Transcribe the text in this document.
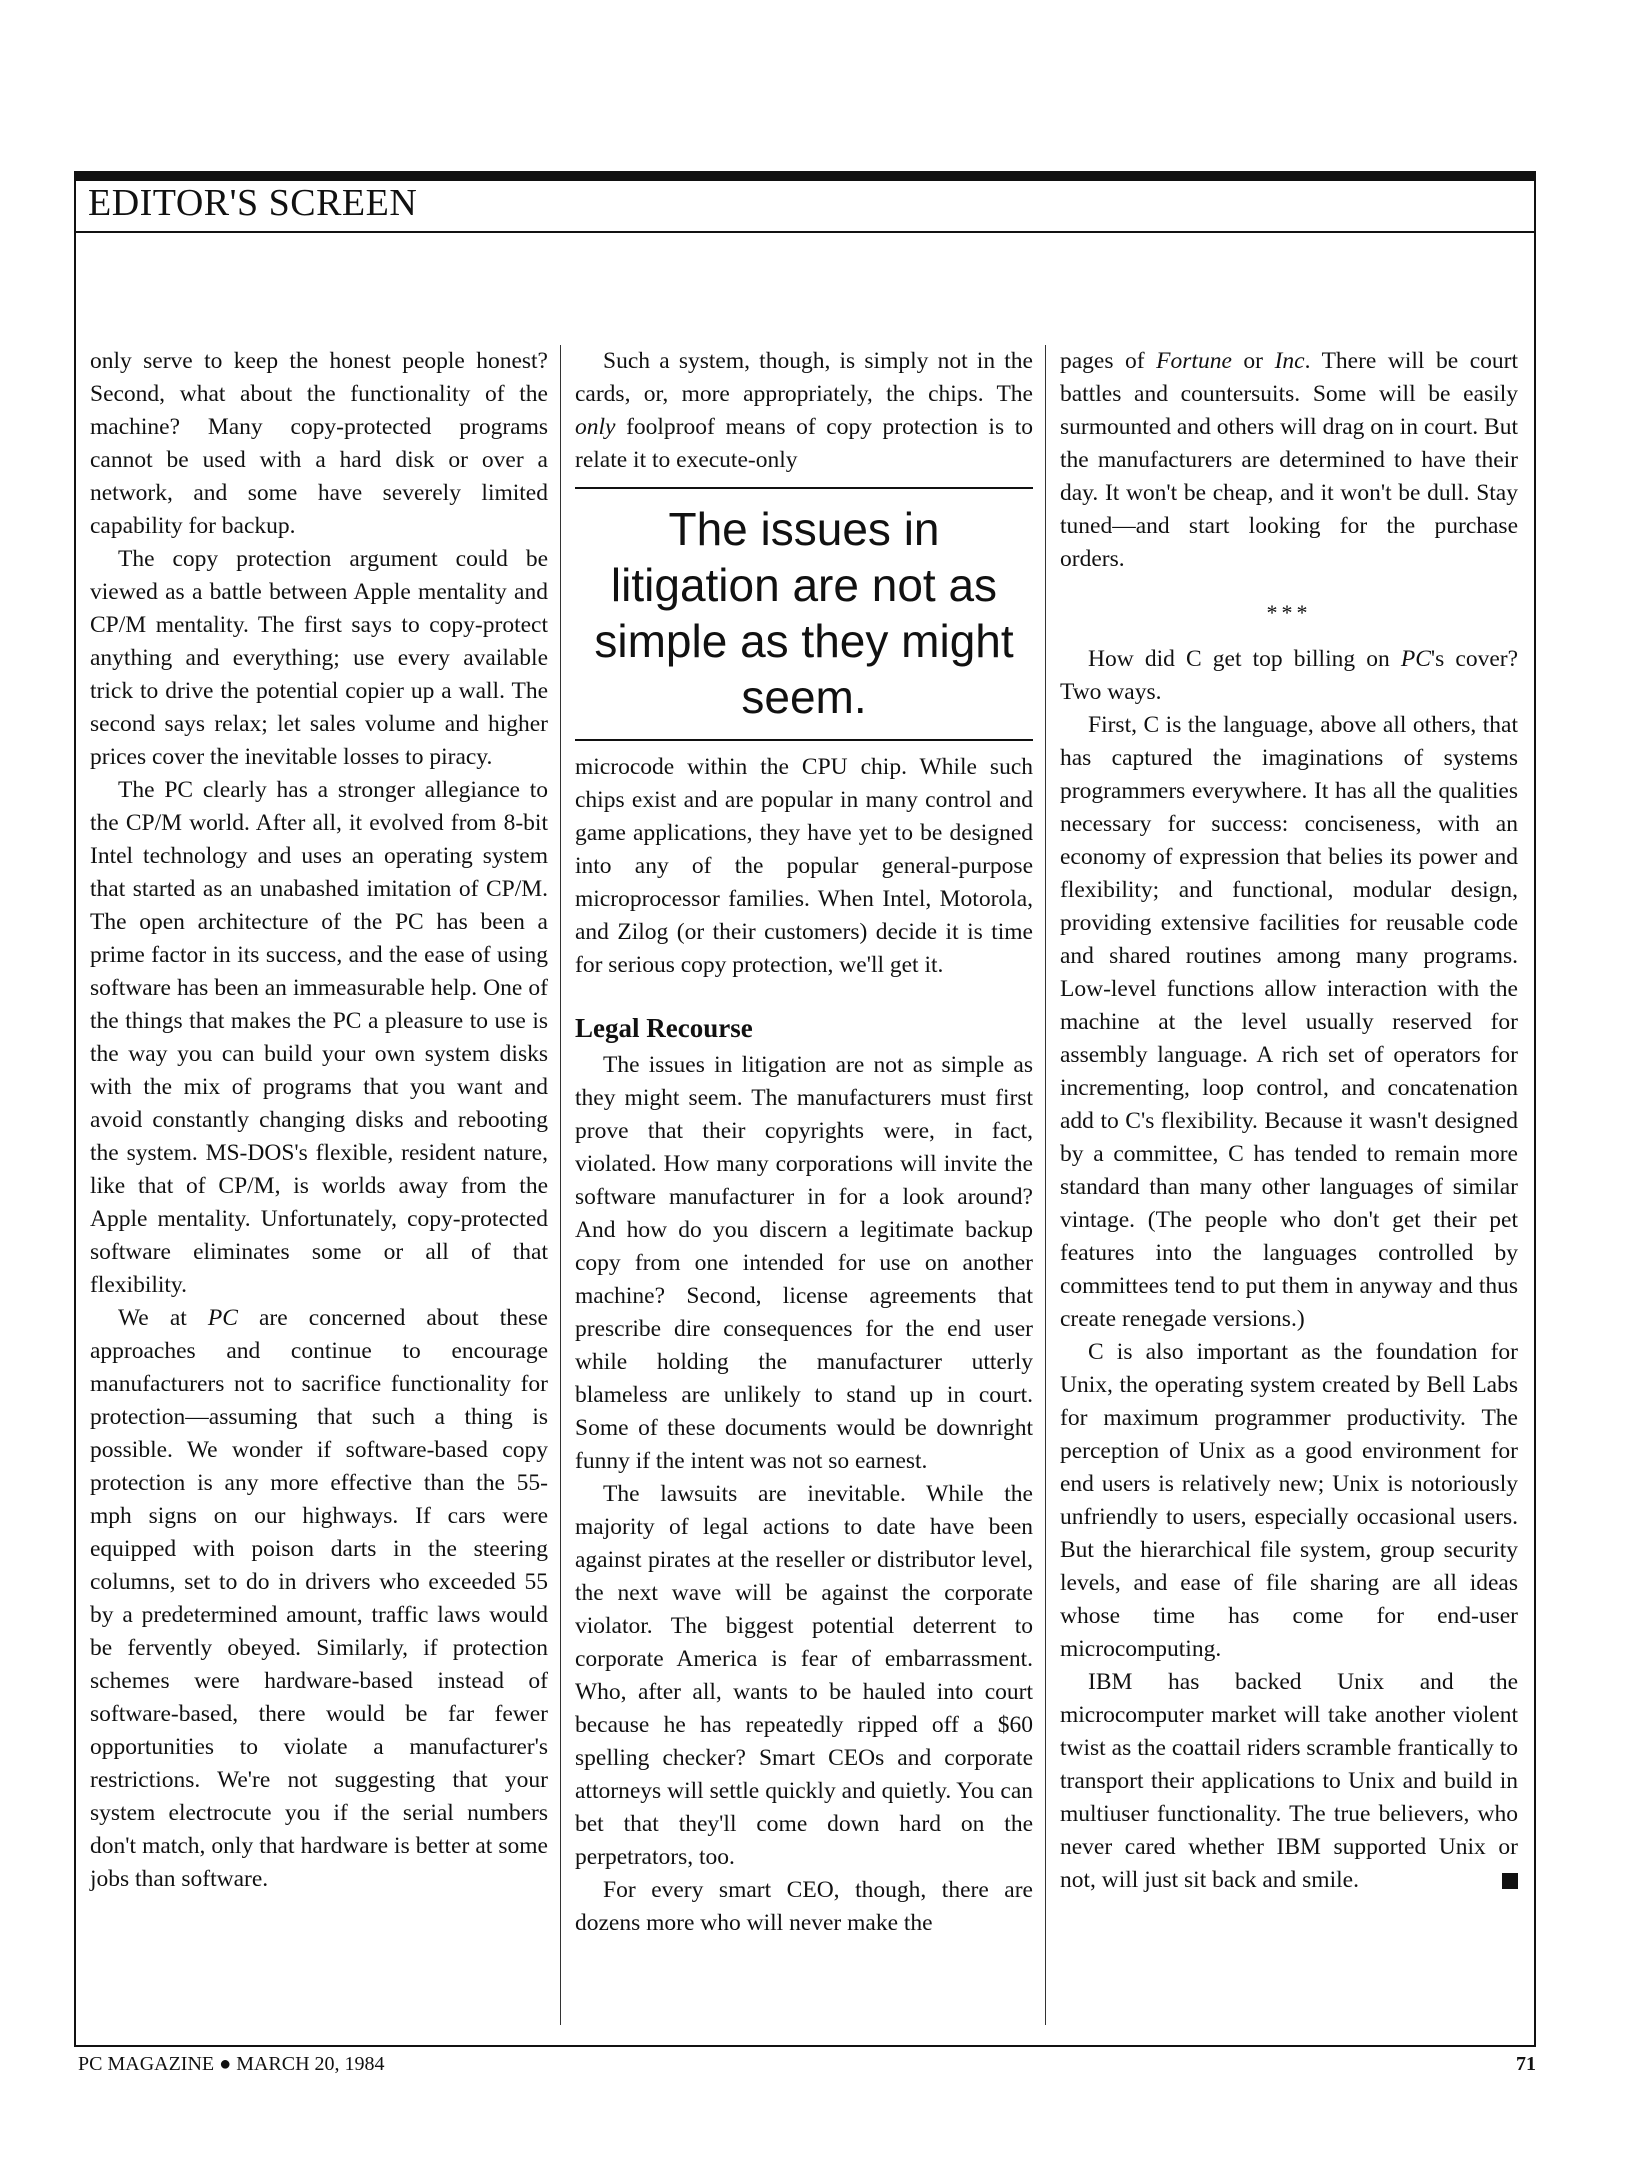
EDITOR'S SCREEN

only serve to keep the honest people honest? Second, what about the functionality of the machine? Many copy-protected programs cannot be used with a hard disk or over a network, and some have severely limited capability for backup.

The copy protection argument could be viewed as a battle between Apple mentality and CP/M mentality. The first says to copy-protect anything and everything; use every available trick to drive the potential copier up a wall. The second says relax; let sales volume and higher prices cover the inevitable losses to piracy.

The PC clearly has a stronger allegiance to the CP/M world. After all, it evolved from 8-bit Intel technology and uses an operating system that started as an unabashed imitation of CP/M. The open architecture of the PC has been a prime factor in its success, and the ease of using software has been an immeasurable help. One of the things that makes the PC a pleasure to use is the way you can build your own system disks with the mix of programs that you want and avoid constantly changing disks and rebooting the system. MS-DOS's flexible, resident nature, like that of CP/M, is worlds away from the Apple mentality. Unfortunately, copy-protected software eliminates some or all of that flexibility.

We at PC are concerned about these approaches and continue to encourage manufacturers not to sacrifice functionality for protection—assuming that such a thing is possible. We wonder if software-based copy protection is any more effective than the 55-mph signs on our highways. If cars were equipped with poison darts in the steering columns, set to do in drivers who exceeded 55 by a predetermined amount, traffic laws would be fervently obeyed. Similarly, if protection schemes were hardware-based instead of software-based, there would be far fewer opportunities to violate a manufacturer's restrictions. We're not suggesting that your system electrocute you if the serial numbers don't match, only that hardware is better at some jobs than software.

Such a system, though, is simply not in the cards, or, more appropriately, the chips. The only foolproof means of copy protection is to relate it to execute-only

The issues in litigation are not as simple as they might seem.

microcode within the CPU chip. While such chips exist and are popular in many control and game applications, they have yet to be designed into any of the popular general-purpose microprocessor families. When Intel, Motorola, and Zilog (or their customers) decide it is time for serious copy protection, we'll get it.

Legal Recourse

The issues in litigation are not as simple as they might seem. The manufacturers must first prove that their copyrights were, in fact, violated. How many corporations will invite the software manufacturer in for a look around? And how do you discern a legitimate backup copy from one intended for use on another machine? Second, license agreements that prescribe dire consequences for the end user while holding the manufacturer utterly blameless are unlikely to stand up in court. Some of these documents would be downright funny if the intent was not so earnest.

The lawsuits are inevitable. While the majority of legal actions to date have been against pirates at the reseller or distributor level, the next wave will be against the corporate violator. The biggest potential deterrent to corporate America is fear of embarrassment. Who, after all, wants to be hauled into court because he has repeatedly ripped off a $60 spelling checker? Smart CEOs and corporate attorneys will settle quickly and quietly. You can bet that they'll come down hard on the perpetrators, too.

For every smart CEO, though, there are dozens more who will never make the

pages of Fortune or Inc. There will be court battles and countersuits. Some will be easily surmounted and others will drag on in court. But the manufacturers are determined to have their day. It won't be cheap, and it won't be dull. Stay tuned—and start looking for the purchase orders.

***

How did C get top billing on PC's cover? Two ways.

First, C is the language, above all others, that has captured the imaginations of systems programmers everywhere. It has all the qualities necessary for success: conciseness, with an economy of expression that belies its power and flexibility; and functional, modular design, providing extensive facilities for reusable code and shared routines among many programs. Low-level functions allow interaction with the machine at the level usually reserved for assembly language. A rich set of operators for incrementing, loop control, and concatenation add to C's flexibility. Because it wasn't designed by a committee, C has tended to remain more standard than many other languages of similar vintage. (The people who don't get their pet features into the languages controlled by committees tend to put them in anyway and thus create renegade versions.)

C is also important as the foundation for Unix, the operating system created by Bell Labs for maximum programmer productivity. The perception of Unix as a good environment for end users is relatively new; Unix is notoriously unfriendly to users, especially occasional users. But the hierarchical file system, group security levels, and ease of file sharing are all ideas whose time has come for end-user microcomputing.

IBM has backed Unix and the microcomputer market will take another violent twist as the coattail riders scramble frantically to transport their applications to Unix and build in multiuser functionality. The true believers, who never cared whether IBM supported Unix or not, will just sit back and smile.

PC MAGAZINE ● MARCH 20, 1984	71
